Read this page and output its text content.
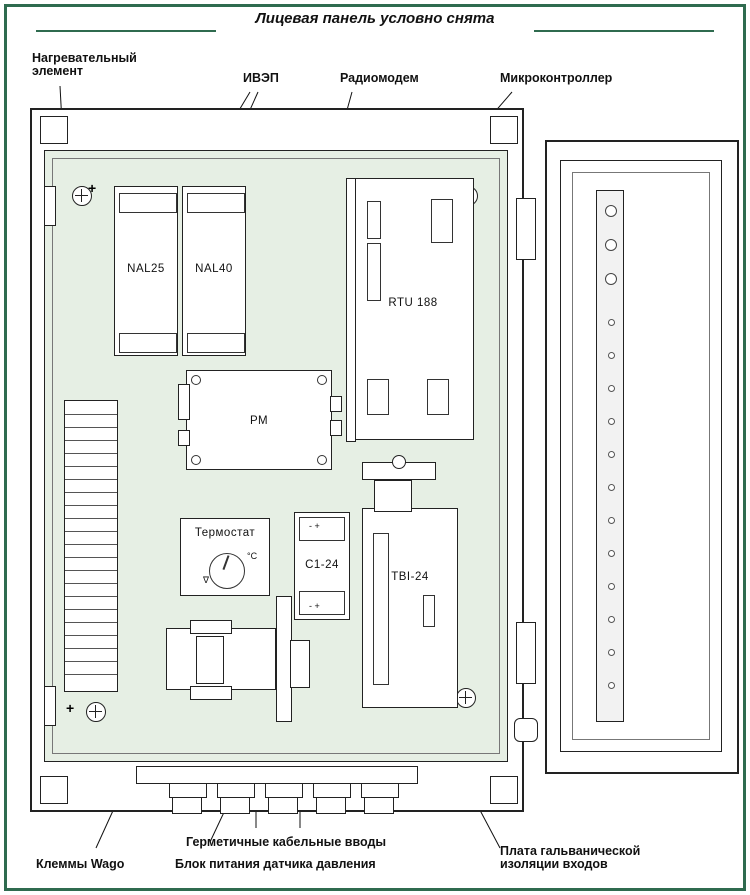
Лицевая панель условно снята
Нагревательный
элемент	ИВЭП	Радиомодем	Микроконтроллер
Клеммы Wago	Блок питания датчика давления
Герметичные кабельные вводы
Плата гальванической
изоляции входов
+
+
NAL25	NAL40
РМ
RTU 188
Термостат
°C
∇
- +
- +
C1-24
TBI-24
